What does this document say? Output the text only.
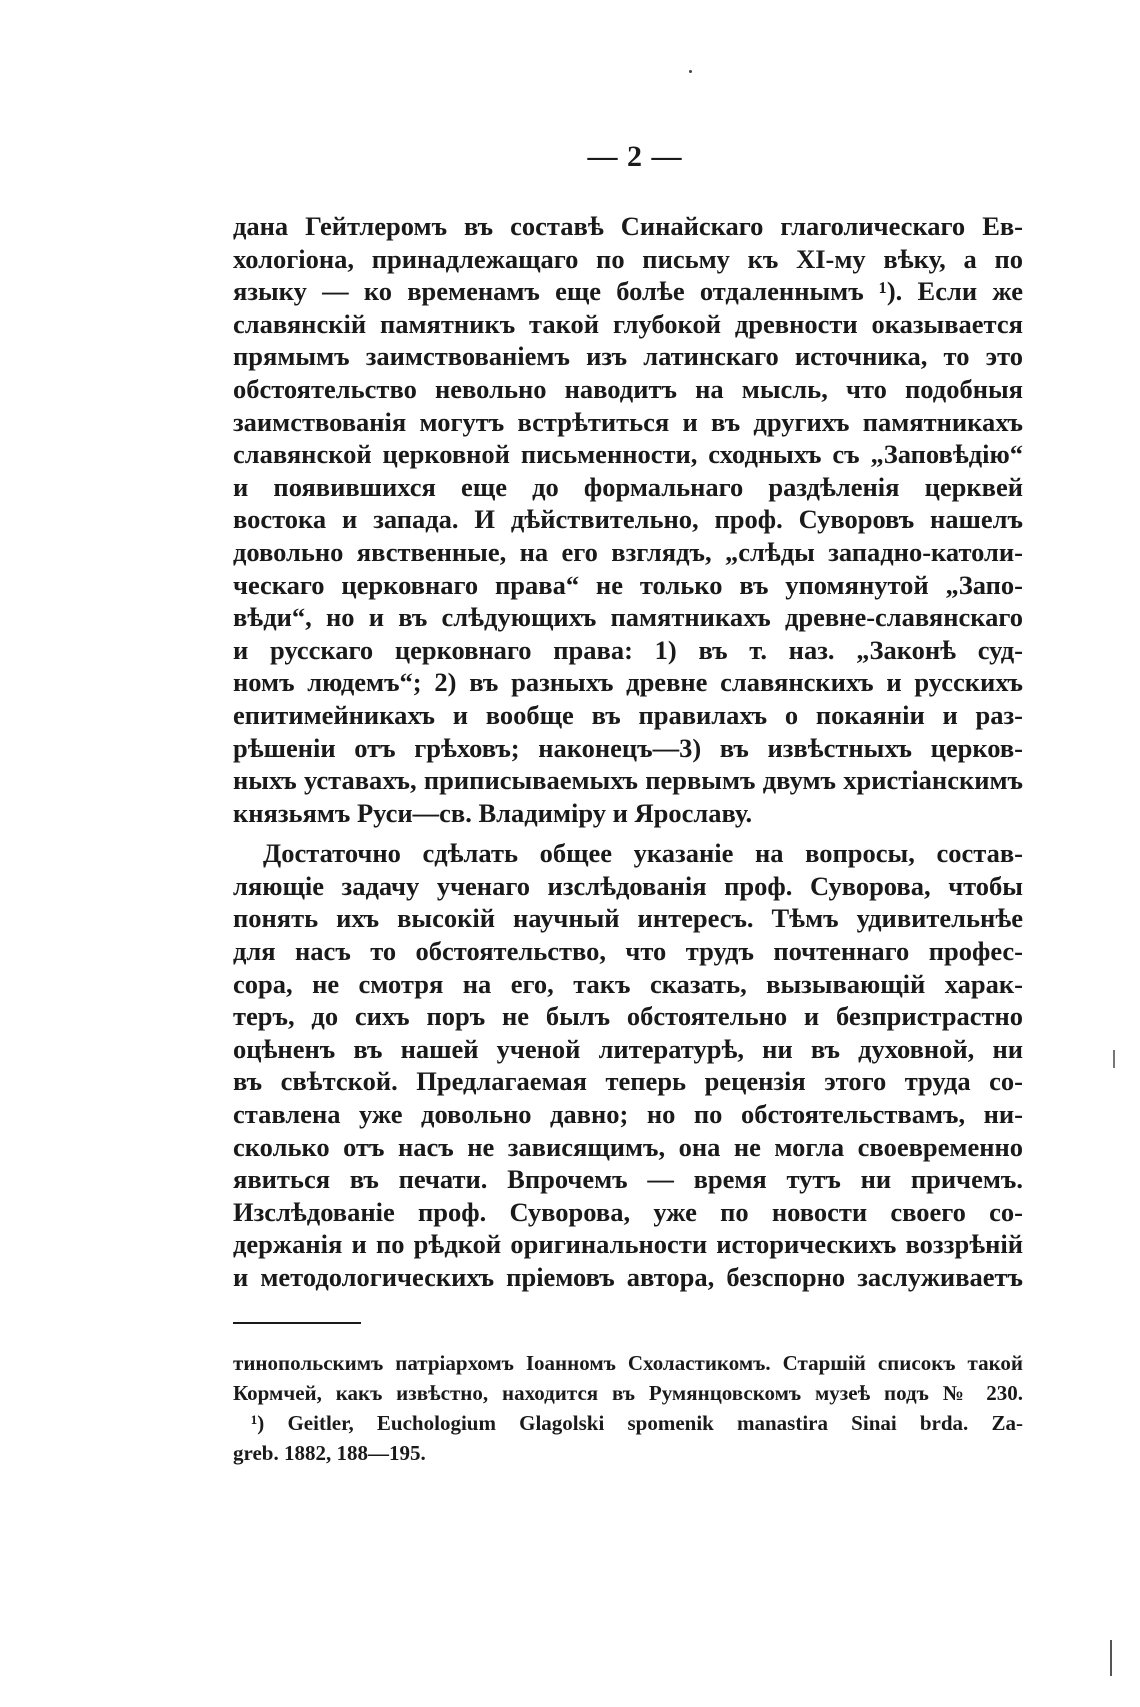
— 2 —
дана Гейтлеромъ въ составѣ Синайскаго глаголическаго Ев-
хологіона, принадлежащаго по письму къ XI-му вѣку, а по
языку — ко временамъ еще болѣе отдаленнымъ ¹). Если же
славянскій памятникъ такой глубокой древности оказывается
прямымъ заимствованіемъ изъ латинскаго источника, то это
обстоятельство невольно наводитъ на мысль, что подобныя
заимствованія могутъ встрѣтиться и въ другихъ памятникахъ
славянской церковной письменности, сходныхъ съ „Заповѣдію“
и появившихся еще до формальнаго раздѣленія церквей
востока и запада. И дѣйствительно, проф. Суворовъ нашелъ
довольно явственные, на его взглядъ, „слѣды западно-католи-
ческаго церковнаго права“ не только въ упомянутой „Запо-
вѣди“, но и въ слѣдующихъ памятникахъ древне-славянскаго
и русскаго церковнаго права: 1) въ т. наз. „Законѣ суд-
номъ людемъ“; 2) въ разныхъ древне славянскихъ и русскихъ
епитимейникахъ и вообще въ правилахъ о покаяніи и раз-
рѣшеніи отъ грѣховъ; наконецъ—3) въ извѣстныхъ церков-
ныхъ уставахъ, приписываемыхъ первымъ двумъ христіанскимъ
князьямъ Руси—св. Владиміру и Ярославу.
Достаточно сдѣлать общее указаніе на вопросы, состав-
ляющіе задачу ученаго изслѣдованія проф. Суворова, чтобы
понять ихъ высокій научный интересъ. Тѣмъ удивительнѣе
для насъ то обстоятельство, что трудъ почтеннаго профес-
сора, не смотря на его, такъ сказать, вызывающій харак-
теръ, до сихъ поръ не былъ обстоятельно и безпристрастно
оцѣненъ въ нашей ученой литературѣ, ни въ духовной, ни
въ свѣтской. Предлагаемая теперь рецензія этого труда со-
ставлена уже довольно давно; но по обстоятельствамъ, ни-
сколько отъ насъ не зависящимъ, она не могла своевременно
явиться въ печати. Впрочемъ — время тутъ ни причемъ.
Изслѣдованіе проф. Суворова, уже по новости своего со-
держанія и по рѣдкой оригинальности историческихъ воззрѣній
и методологическихъ пріемовъ автора, безспорно заслуживаетъ
тинопольскимъ патріархомъ Іоанномъ Схоластикомъ. Старшій списокъ такой
Кормчей, какъ извѣстно, находится въ Румянцовскомъ музеѣ подъ № 230.
¹) Geitler, Euchologium Glagolski spomenik manastira Sinai brda. Za-
greb. 1882, 188—195.
